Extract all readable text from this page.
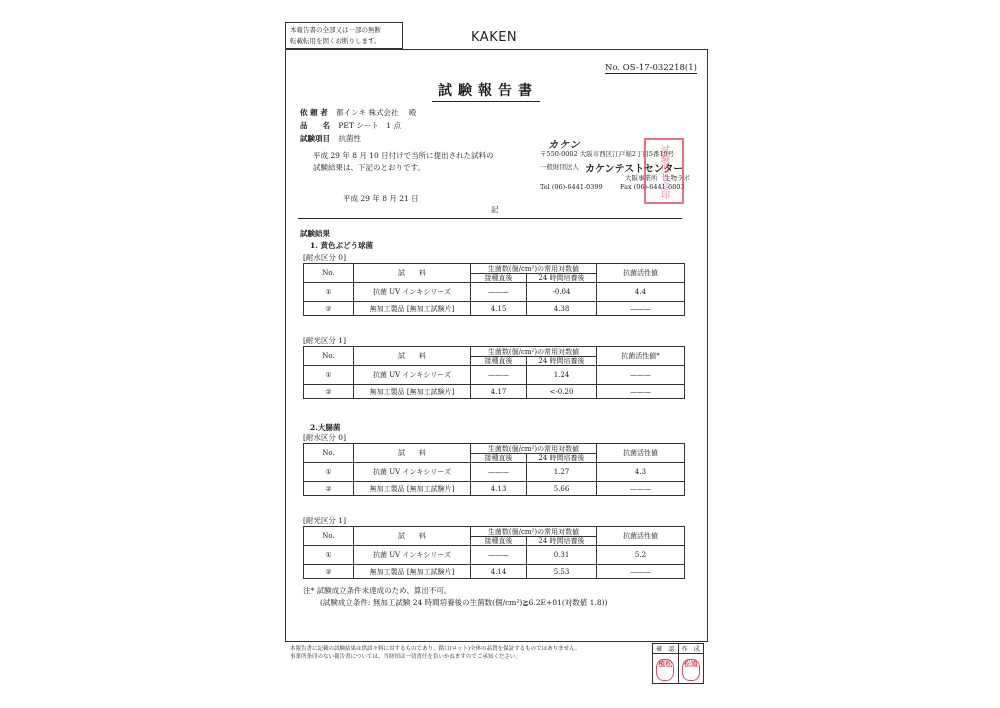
本報告書の全部又は一部の無断
転載転用を固くお断りします。	KAKEN
No. OS-17-032218(1)
試験報告書
依 頼 者 都インキ 株式会社 殿
品　　名 PET シート　1 点
試験項目 抗菌性
平成 29 年 8 月 10 日付けで当所に提出された試料の
試験結果は、下記のとおりです。
平成 29 年 8 月 21 日
カケン
〒550-0002 大阪市西区江戸堀2丁目5番19号
一般財団法人 カケンテストセンター
大阪事業所　生物ラボ
Tel (06)-6441-0399	Fax (06)-6441-6803
試験所長之印
記
試験結果
1. 黄色ぶどう球菌
[耐水区分 0]
No.	試　　料	生菌数(個/cm²)の常用対数値		抗菌活性値
		接種直後	24 時間培養後	
①	抗菌 UV インキシリーズ	———	-0.04	4.4
②	無加工製品 [無加工試験片]	4.15	4.38	———
[耐光区分 1]
No.	試　　料	生菌数(個/cm²)の常用対数値		抗菌活性値*
		接種直後	24 時間培養後	
①	抗菌 UV インキシリーズ	———	1.24	———
②	無加工製品 [無加工試験片]	4.17	<-0.20	———
2.大腸菌
[耐水区分 0]
No.	試　　料	生菌数(個/cm²)の常用対数値		抗菌活性値
		接種直後	24 時間培養後	
①	抗菌 UV インキシリーズ	———	1.27	4.3
②	無加工製品 [無加工試験片]	4.13	5.66	———
[耐光区分 1]
No.	試　　料	生菌数(個/cm²)の常用対数値		抗菌活性値
		接種直後	24 時間培養後	
①	抗菌 UV インキシリーズ	———	0.31	5.2
②	無加工製品 [無加工試験片]	4.14	5.53	———
注* 試験成立条件未達成のため、算出不可。
(試験成立条件: 無加工試験 24 時間培養後の生菌数(個/cm²)≧6.2E+01(対数値 1.8))
本報告書に記載の試験結果は供試々料に対するものであり、銘口(ロット)全体の品質を保証するものではありません。
事業所条印のない報告書については、当財団は一切責任を負いかねますのでご承知ください。
確　認	作　成
植松	松道
